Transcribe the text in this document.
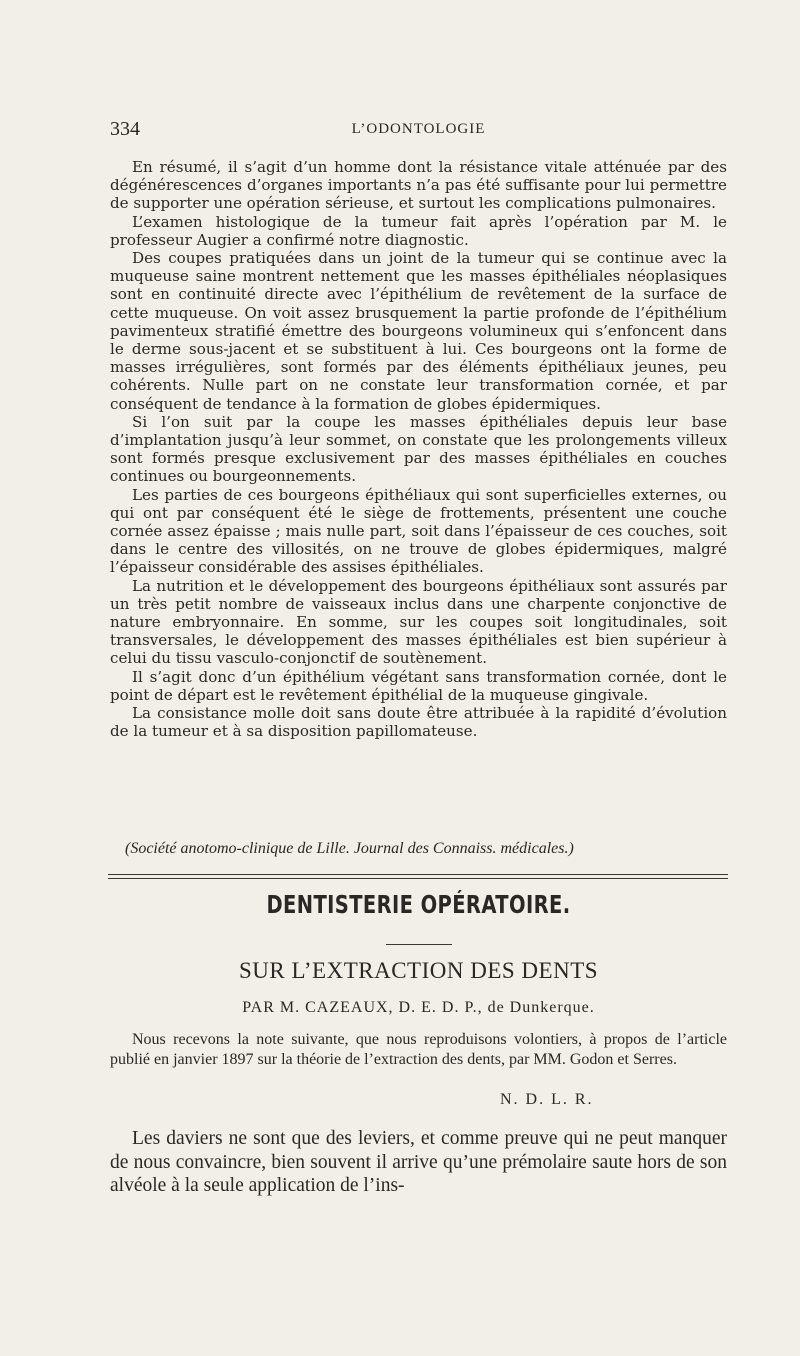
334	L’ODONTOLOGIE

En résumé, il s’agit d’un homme dont la résistance vitale atténuée par des dégénérescences d’organes importants n’a pas été suffisante pour lui permettre de supporter une opération sérieuse, et surtout les complications pulmonaires.

L’examen histologique de la tumeur fait après l’opération par M. le professeur Augier a confirmé notre diagnostic.

Des coupes pratiquées dans un joint de la tumeur qui se continue avec la muqueuse saine montrent nettement que les masses épithéliales néoplasiques sont en continuité directe avec l’épithélium de revêtement de la surface de cette muqueuse. On voit assez brusquement la partie profonde de l’épithélium pavimenteux stratifié émettre des bourgeons volumineux qui s’enfoncent dans le derme sous-jacent et se substituent à lui. Ces bourgeons ont la forme de masses irrégulières, sont formés par des éléments épithéliaux jeunes, peu cohérents. Nulle part on ne constate leur transformation cornée, et par conséquent de tendance à la formation de globes épidermiques.

Si l’on suit par la coupe les masses épithéliales depuis leur base d’implantation jusqu’à leur sommet, on constate que les prolongements villeux sont formés presque exclusivement par des masses épithéliales en couches continues ou bourgeonnements.

Les parties de ces bourgeons épithéliaux qui sont superficielles externes, ou qui ont par conséquent été le siège de frottements, présentent une couche cornée assez épaisse ; mais nulle part, soit dans l’épaisseur de ces couches, soit dans le centre des villosités, on ne trouve de globes épidermiques, malgré l’épaisseur considérable des assises épithéliales.

La nutrition et le développement des bourgeons épithéliaux sont assurés par un très petit nombre de vaisseaux inclus dans une charpente conjonctive de nature embryonnaire. En somme, sur les coupes soit longitudinales, soit transversales, le développement des masses épithéliales est bien supérieur à celui du tissu vasculo-conjonctif de soutènement.

Il s’agit donc d’un épithélium végétant sans transformation cornée, dont le point de départ est le revêtement épithélial de la muqueuse gingivale.

La consistance molle doit sans doute être attribuée à la rapidité d’évolution de la tumeur et à sa disposition papillomateuse.

(Société anotomo-clinique de Lille. Journal des Connaiss. médicales.)
DENTISTERIE OPÉRATOIRE.
SUR L’EXTRACTION DES DENTS
PAR M. CAZEAUX, D. E. D. P., de Dunkerque.

Nous recevons la note suivante, que nous reproduisons volontiers, à propos de l’article publié en janvier 1897 sur la théorie de l’extraction des dents, par MM. Godon et Serres.

N. D. L. R.

Les daviers ne sont que des leviers, et comme preuve qui ne peut manquer de nous convaincre, bien souvent il arrive qu’une prémolaire saute hors de son alvéole à la seule application de l’ins-
